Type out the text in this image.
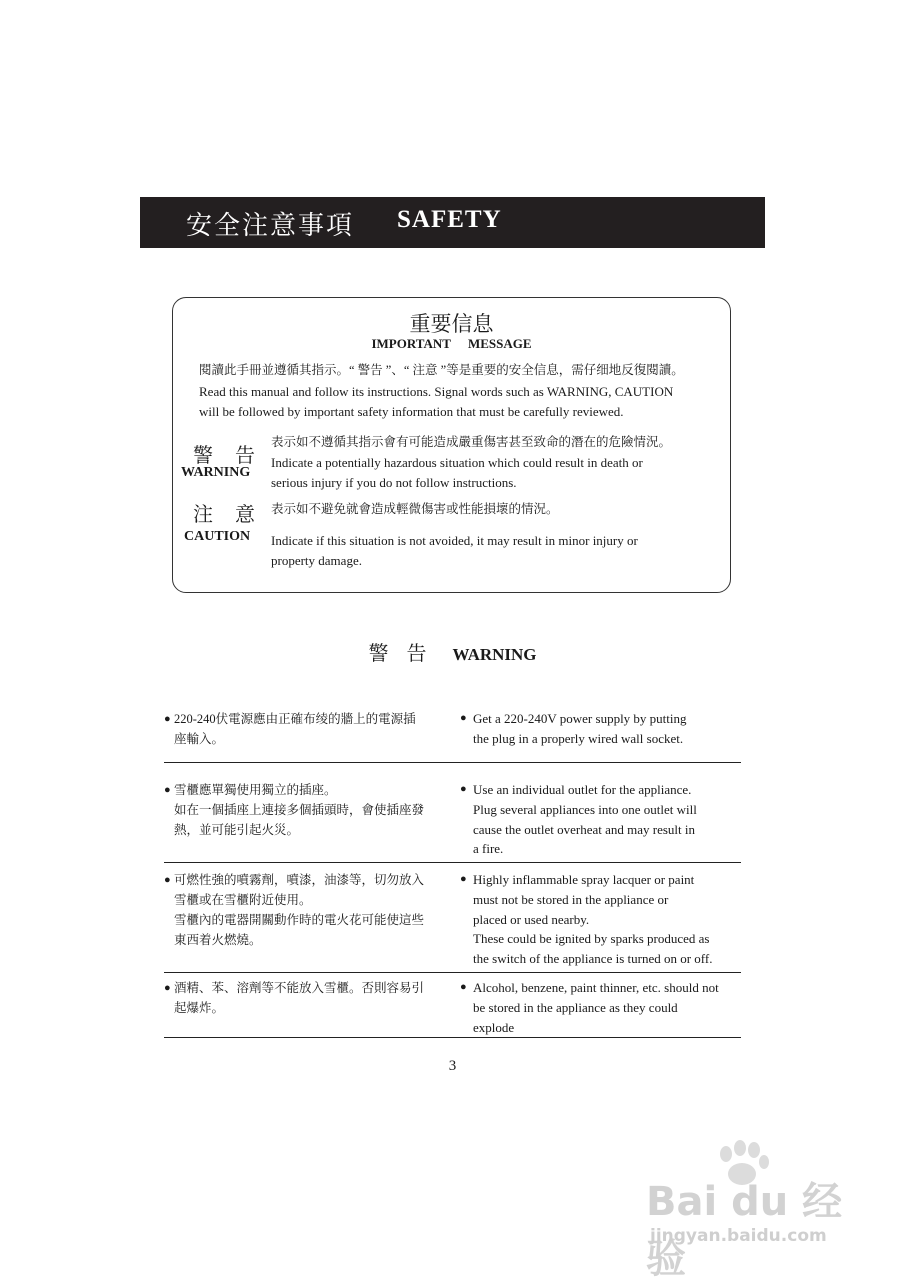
安全注意事項 SAFETY
重要信息
IMPORTANT MESSAGE
閱讀此手冊並遵循其指示。“ 警告 ”、“ 注意 ”等是重要的安全信息，需仔细地反復閱讀。
Read this manual and follow its instructions. Signal words such as WARNING, CAUTION
will be followed by important safety information that must be carefully reviewed.
警告
WARNING
表示如不遵循其指示會有可能造成嚴重傷害甚至致命的潛在的危險情況。
Indicate a potentially hazardous situation which could result in death or
serious injury if you do not follow instructions.
注意
CAUTION
表示如不避免就會造成輕微傷害或性能損壞的情況。
Indicate if this situation is not avoided, it may result in minor injury or
property damage.
警告 WARNING
● 220-240伏電源應由正確布绫的牆上的電源插
座輸入。
● Get a 220-240V power supply by putting
the plug in a properly wired wall socket.
● 雪櫃應單獨使用獨立的插座。
如在一個插座上連接多個插頭時，會使插座發
熱，並可能引起火災。
● Use an individual outlet for the appliance.
Plug several appliances into one outlet will
cause the outlet overheat and may result in
a fire.
● 可燃性強的噴霧劑，噴漆，油漆等，切勿放入
雪櫃或在雪櫃附近使用。
雪櫃內的電器開關動作時的電火花可能使這些
東西着火燃燒。
● Highly inflammable spray lacquer or paint
must not be stored in the appliance or
placed or used nearby.
These could be ignited by sparks produced as
the switch of the appliance is turned on or off.
● 酒精、苯、溶劑等不能放入雪櫃。否則容易引
起爆炸。
● Alcohol, benzene, paint thinner, etc. should not
be stored in the appliance as they could
explode
3
Bai du 经验
jingyan.baidu.com
